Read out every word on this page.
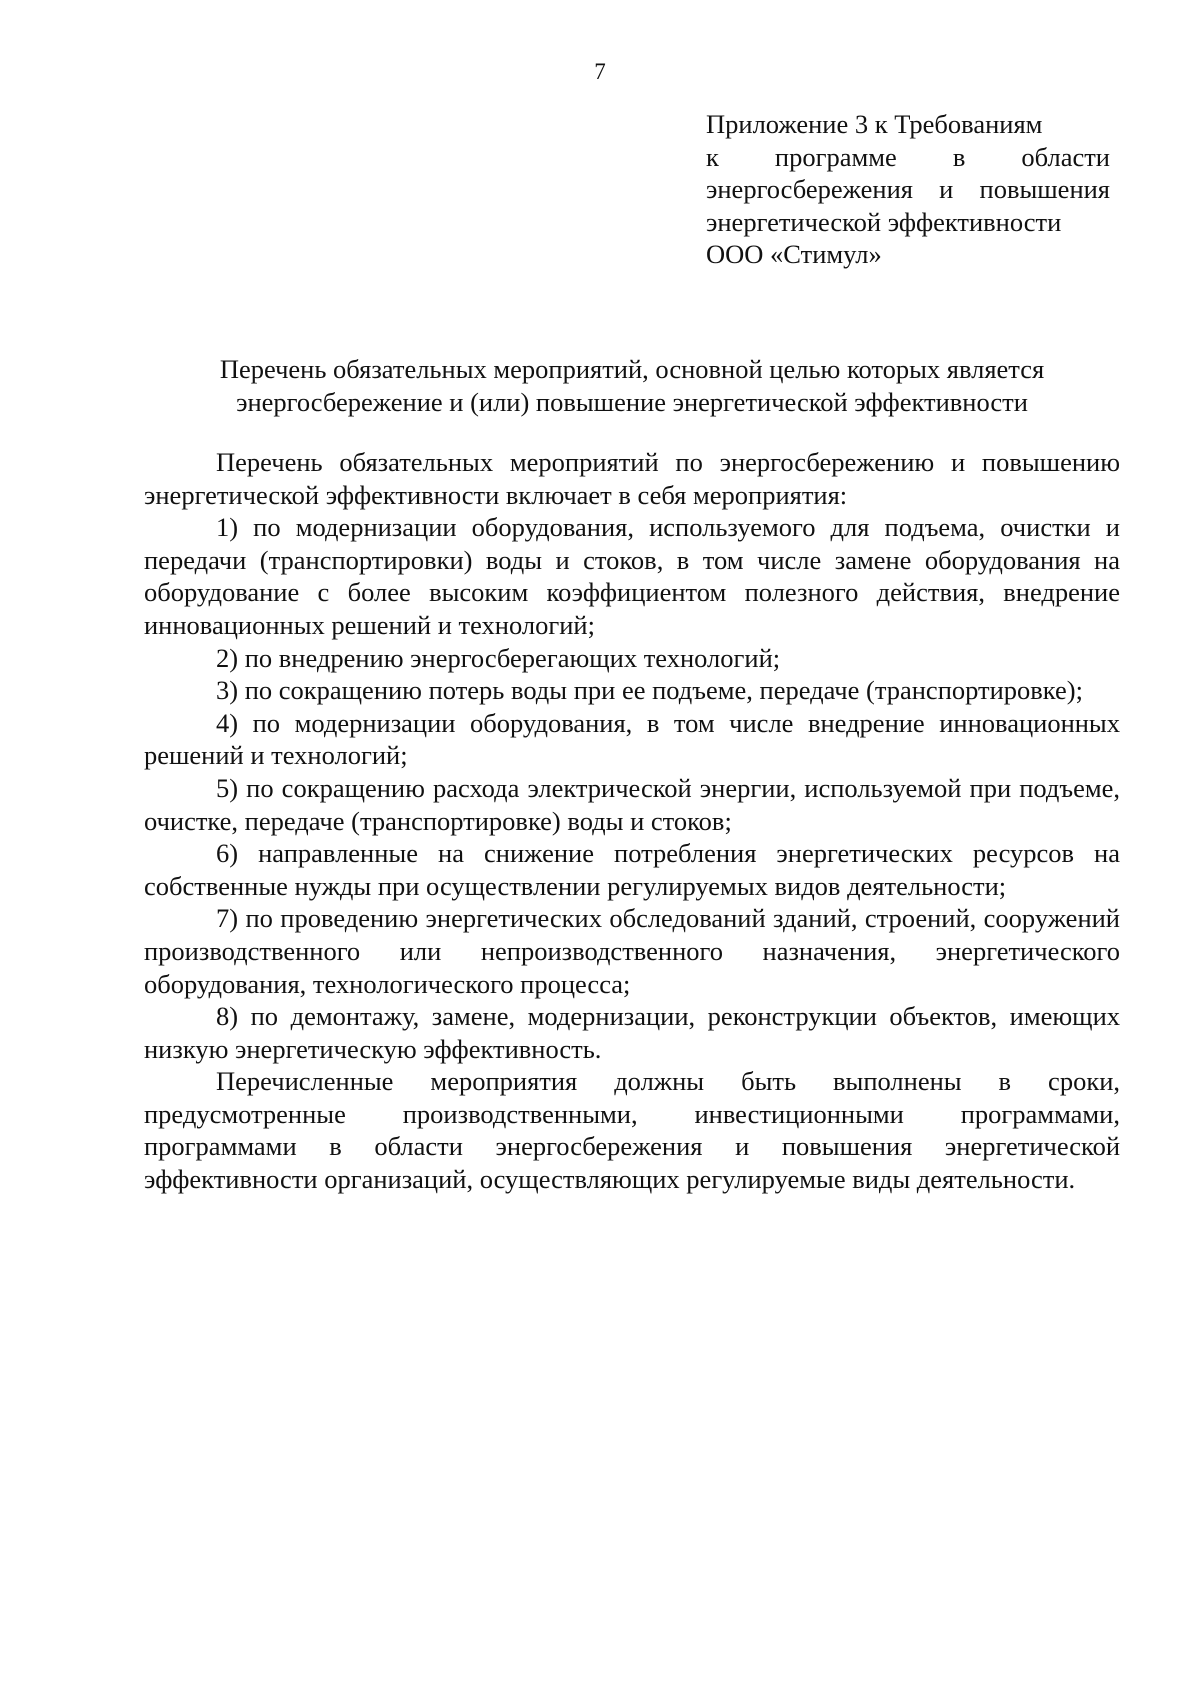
7
Приложение 3 к Требованиям
к программе в области
энергосбережения и повышения
энергетической эффективности
ООО «Стимул»
Перечень обязательных мероприятий, основной целью которых является
энергосбережение и (или) повышение энергетической эффективности

Перечень обязательных мероприятий по энергосбережению и повышению энергетической эффективности включает в себя мероприятия:

1) по модернизации оборудования, используемого для подъема, очистки и передачи (транспортировки) воды и стоков, в том числе замене оборудования на оборудование с более высоким коэффициентом полезного действия, внедрение инновационных решений и технологий;

2) по внедрению энергосберегающих технологий;

3) по сокращению потерь воды при ее подъеме, передаче (транспортировке);

4) по модернизации оборудования, в том числе внедрение инновационных решений и технологий;

5) по сокращению расхода электрической энергии, используемой при подъеме, очистке, передаче (транспортировке) воды и стоков;

6) направленные на снижение потребления энергетических ресурсов на собственные нужды при осуществлении регулируемых видов деятельности;

7) по проведению энергетических обследований зданий, строений, сооружений производственного или непроизводственного назначения, энергетического оборудования, технологического процесса;

8) по демонтажу, замене, модернизации, реконструкции объектов, имеющих низкую энергетическую эффективность.

Перечисленные мероприятия должны быть выполнены в сроки, предусмотренные производственными, инвестиционными программами, программами в области энергосбережения и повышения энергетической эффективности организаций, осуществляющих регулируемые виды деятельности.
